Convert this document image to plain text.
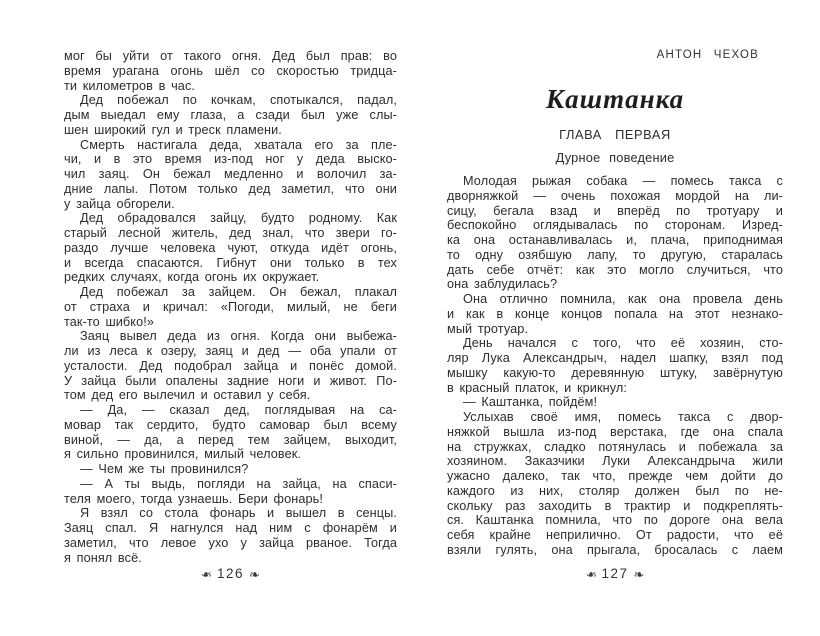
мог бы уйти от такого огня. Дед был прав: во
время урагана огонь шёл со скоростью тридца-
ти километров в час.
Дед побежал по кочкам, спотыкался, падал,
дым выедал ему глаза, а сзади был уже слы-
шен широкий гул и треск пламени.
Смерть настигала деда, хватала его за пле-
чи, и в это время из-под ног у деда выско-
чил заяц. Он бежал медленно и волочил за-
дние лапы. Потом только дед заметил, что они
у зайца обгорели.
Дед обрадовался зайцу, будто родному. Как
старый лесной житель, дед знал, что звери го-
раздо лучше человека чуют, откуда идёт огонь,
и всегда спасаются. Гибнут они только в тех
редких случаях, когда огонь их окружает.
Дед побежал за зайцем. Он бежал, плакал
от страха и кричал: «Погоди, милый, не беги
так-то шибко!»
Заяц вывел деда из огня. Когда они выбежа-
ли из леса к озеру, заяц и дед — оба упали от
усталости. Дед подобрал зайца и понёс домой.
У зайца были опалены задние ноги и живот. По-
том дед его вылечил и оставил у себя.
— Да, — сказал дед, поглядывая на са-
мовар так сердито, будто самовар был всему
виной, — да, а перед тем зайцем, выходит,
я сильно провинился, милый человек.
— Чем же ты провинился?
— А ты выдь, погляди на зайца, на спаси-
теля моего, тогда узнаешь. Бери фонарь!
Я взял со стола фонарь и вышел в сенцы.
Заяц спал. Я нагнулся над ним с фонарём и
заметил, что левое ухо у зайца рваное. Тогда
я понял всё.
АНТОН ЧЕХОВ
Каштанка
ГЛАВА ПЕРВАЯ
Дурное поведение
Молодая рыжая собака — помесь такса с
дворняжкой — очень похожая мордой на ли-
сицу, бегала взад и вперёд по тротуару и
беспокойно оглядывалась по сторонам. Изред-
ка она останавливалась и, плача, приподнимая
то одну озябшую лапу, то другую, старалась
дать себе отчёт: как это могло случиться, что
она заблудилась?
Она отлично помнила, как она провела день
и как в конце концов попала на этот незнако-
мый тротуар.
День начался с того, что её хозяин, сто-
ляр Лука Александрыч, надел шапку, взял под
мышку какую-то деревянную штуку, завёрнутую
в красный платок, и крикнул:
— Каштанка, пойдём!
Услыхав своё имя, помесь такса с двор-
няжкой вышла из-под верстака, где она спала
на стружках, сладко потянулась и побежала за
хозяином. Заказчики Луки Александрыча жили
ужасно далеко, так что, прежде чем дойти до
каждого из них, столяр должен был по не-
скольку раз заходить в трактир и подкреплять-
ся. Каштанка помнила, что по дороге она вела
себя крайне неприлично. От радости, что её
взяли гулять, она прыгала, бросалась с лаем
❧ 126 ❧	❧ 127 ❧
